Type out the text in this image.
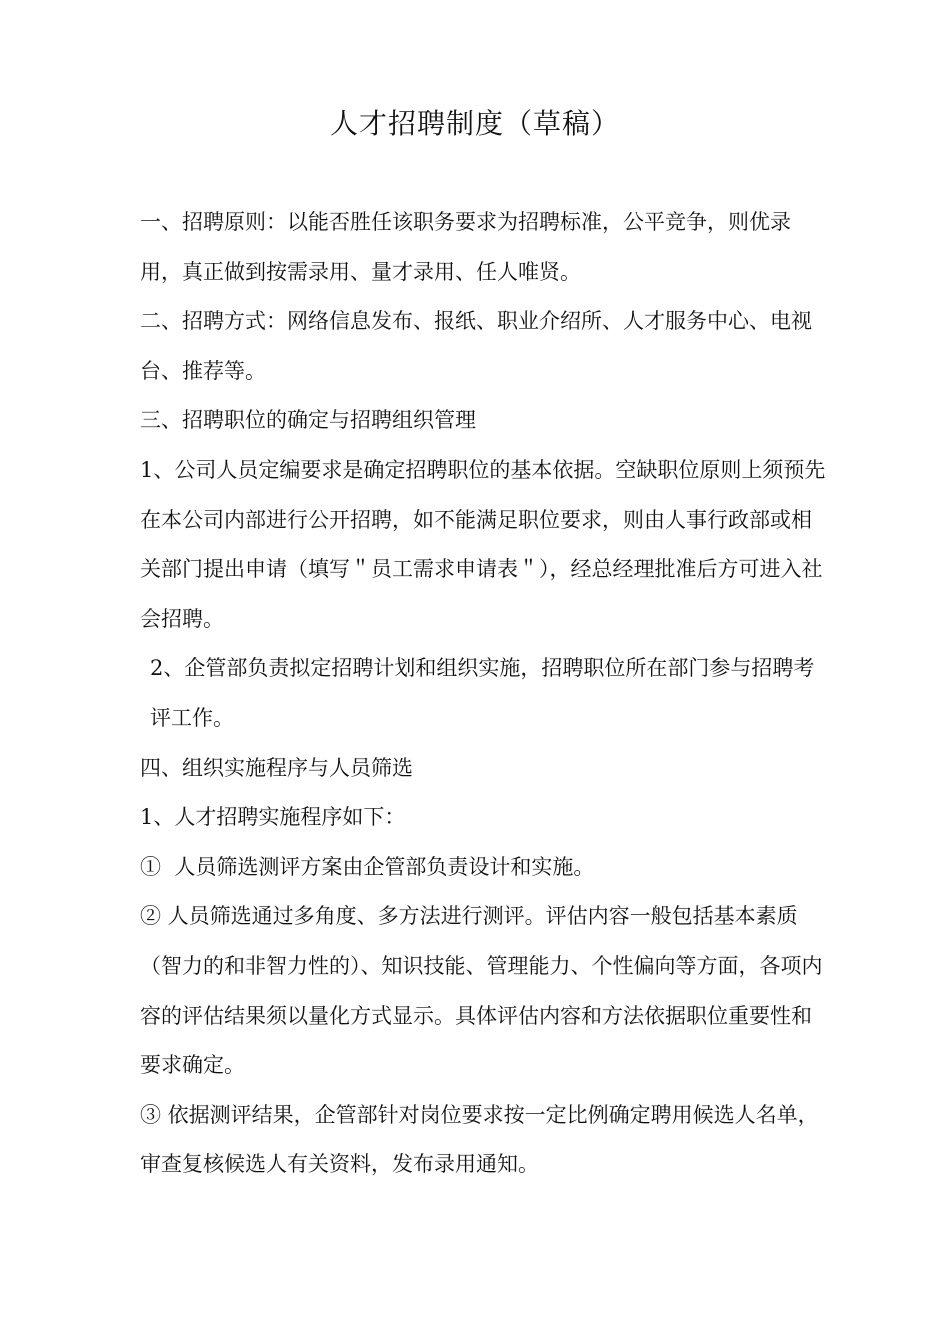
人才招聘制度（草稿）

一、招聘原则：以能否胜任该职务要求为招聘标准，公平竞争，则优录用，真正做到按需录用、量才录用、任人唯贤。

二、招聘方式：网络信息发布、报纸、职业介绍所、人才服务中心、电视台、推荐等。

三、招聘职位的确定与招聘组织管理

1、公司人员定编要求是确定招聘职位的基本依据。空缺职位原则上须预先在本公司内部进行公开招聘，如不能满足职位要求，则由人事行政部或相关部门提出申请（填写＂员工需求申请表＂），经总经理批准后方可进入社会招聘。

2、企管部负责拟定招聘计划和组织实施，招聘职位所在部门参与招聘考评工作。

四、组织实施程序与人员筛选

1、人才招聘实施程序如下：

①  人员筛选测评方案由企管部负责设计和实施。

② 人员筛选通过多角度、多方法进行测评。评估内容一般包括基本素质（智力的和非智力性的）、知识技能、管理能力、个性偏向等方面，各项内容的评估结果须以量化方式显示。具体评估内容和方法依据职位重要性和要求确定。

③ 依据测评结果，企管部针对岗位要求按一定比例确定聘用候选人名单，审查复核候选人有关资料，发布录用通知。
